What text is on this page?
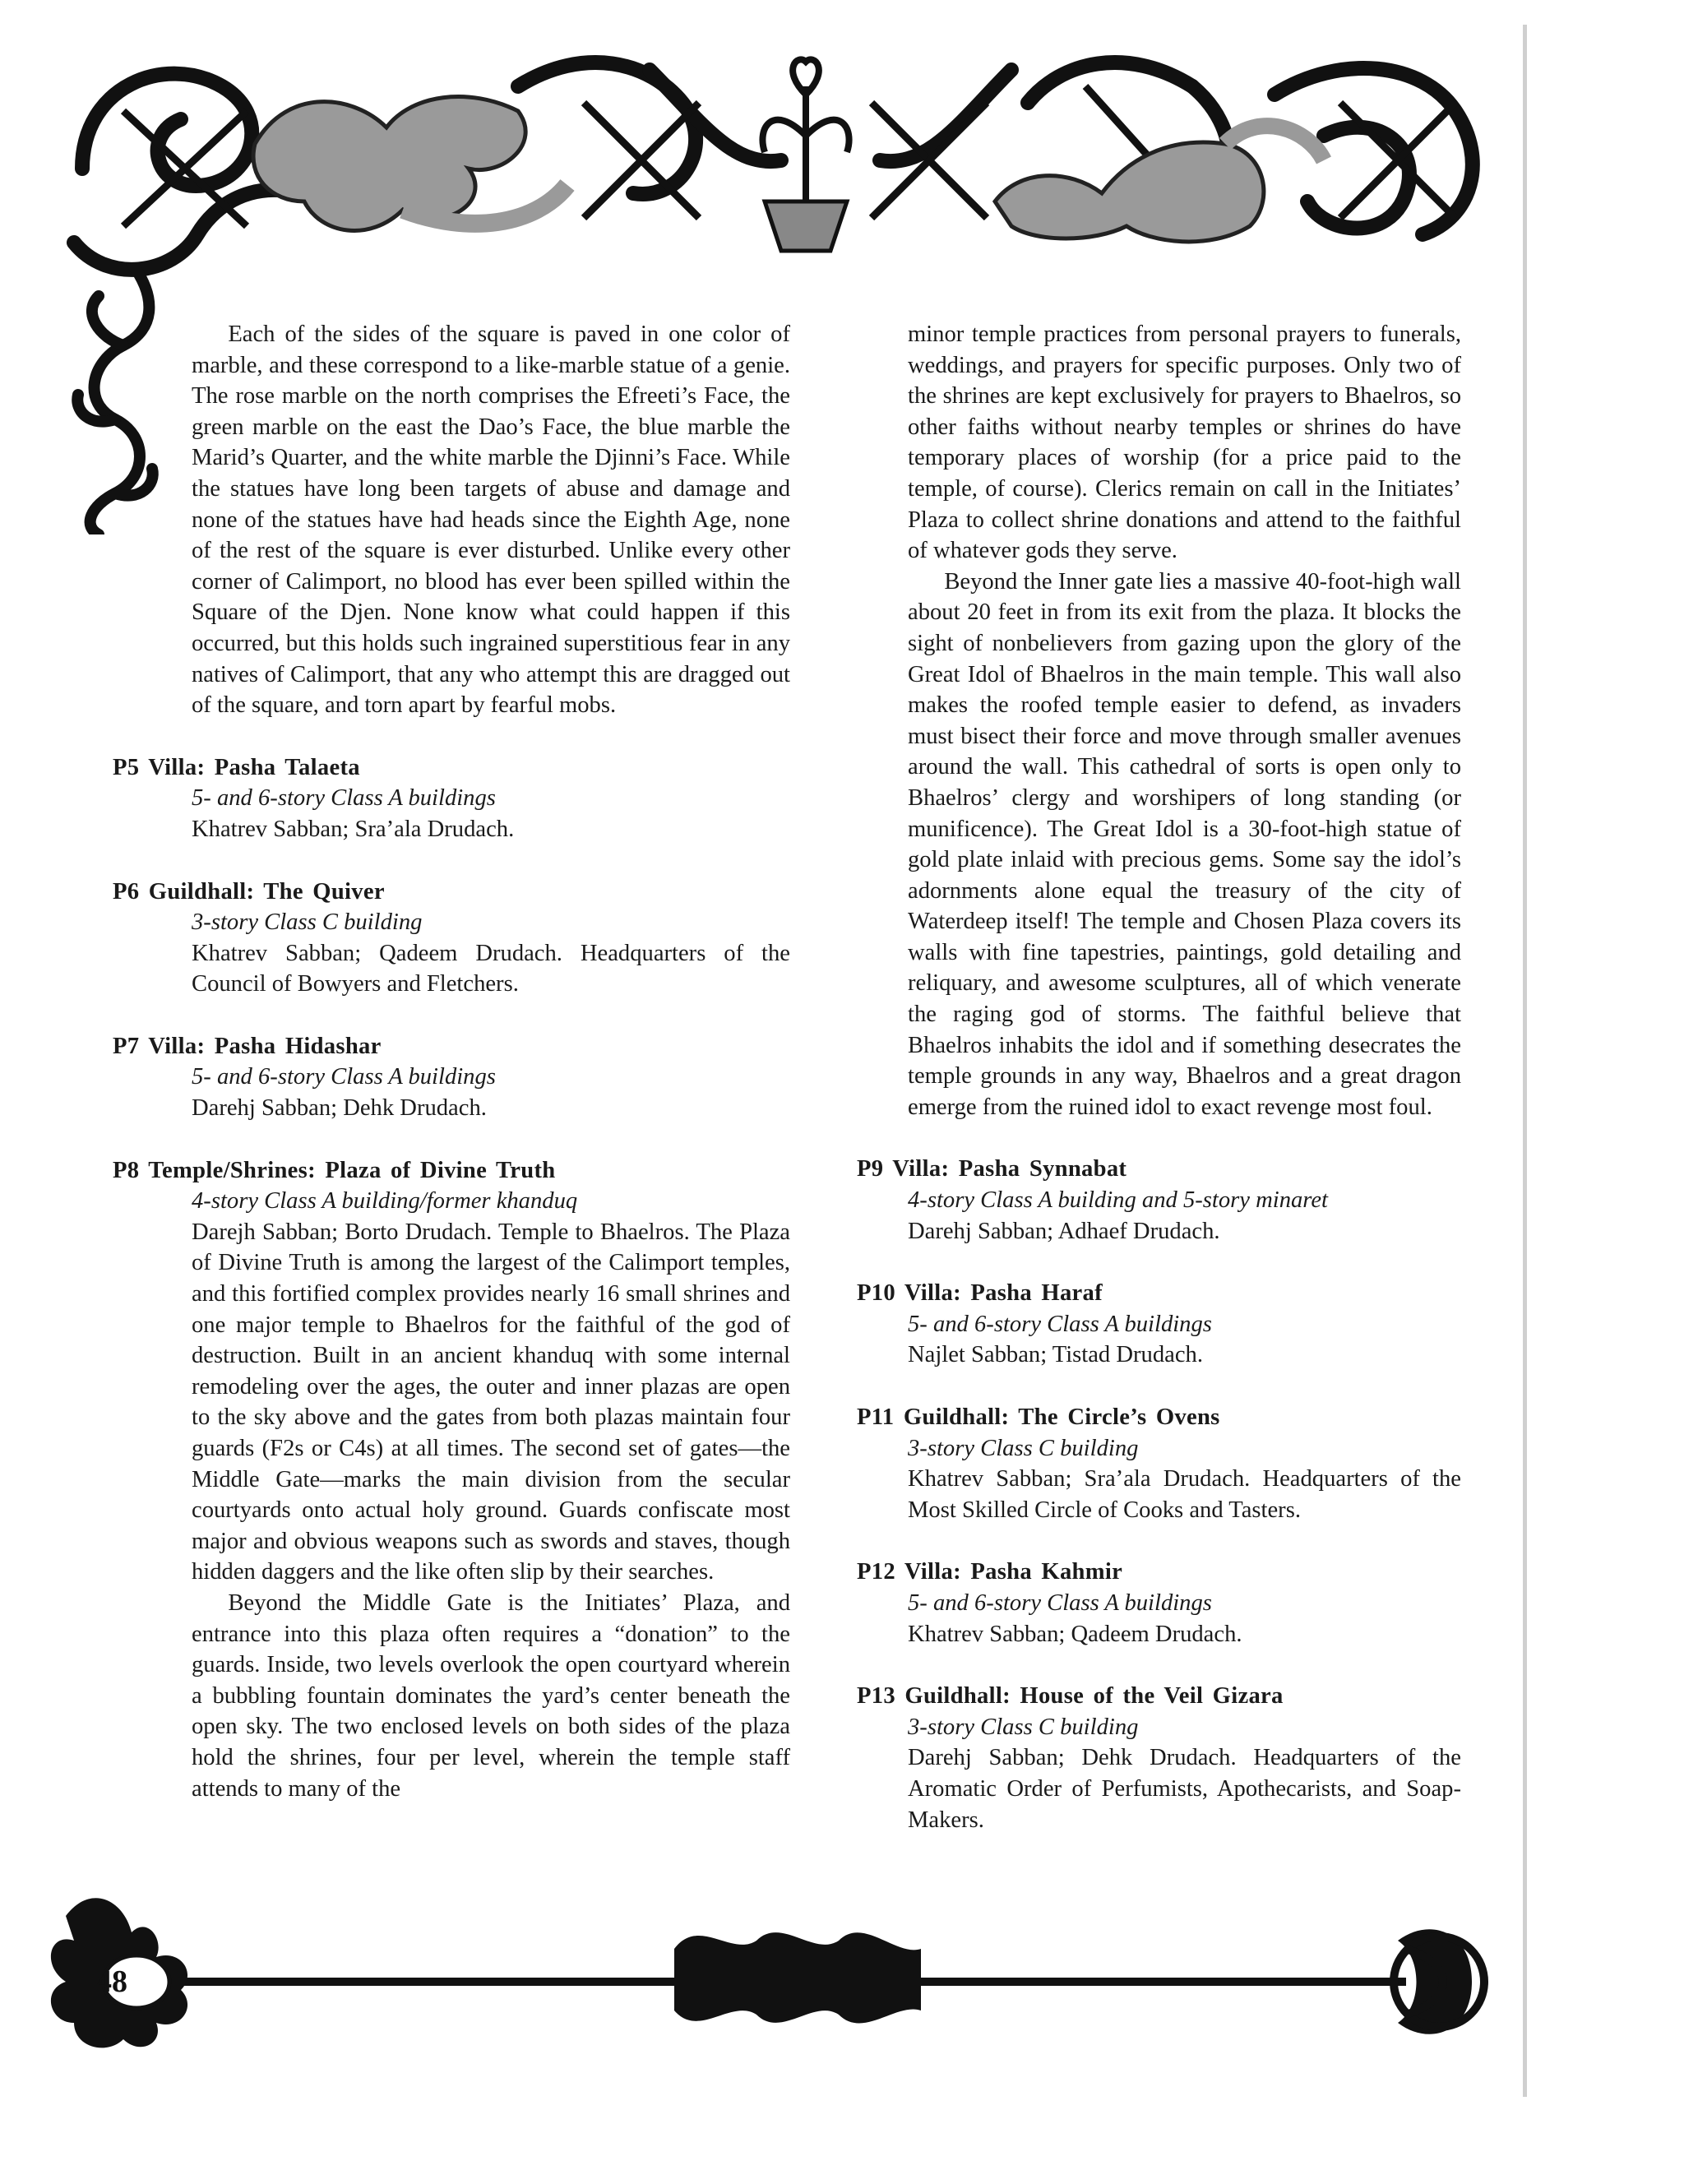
48

Each of the sides of the square is paved in one color of marble, and these correspond to a like-marble statue of a genie. The rose marble on the north comprises the Efreeti’s Face, the green marble on the east the Dao’s Face, the blue marble the Marid’s Quarter, and the white marble the Djinni’s Face. While the statues have long been targets of abuse and damage and none of the statues have had heads since the Eighth Age, none of the rest of the square is ever disturbed. Unlike every other corner of Calimport, no blood has ever been spilled within the Square of the Djen. None know what could happen if this occurred, but this holds such ingrained superstitious fear in any natives of Calimport, that any who attempt this are dragged out of the square, and torn apart by fearful mobs.

P5 Villa: Pasha Talaeta
5- and 6-story Class A buildings

Khatrev Sabban; Sra’ala Drudach.

P6 Guildhall: The Quiver
3-story Class C building

Khatrev Sabban; Qadeem Drudach. Headquarters of the Council of Bowyers and Fletchers.

P7 Villa: Pasha Hidashar
5- and 6-story Class A buildings

Darehj Sabban; Dehk Drudach.

P8 Temple/Shrines: Plaza of Divine Truth
4-story Class A building/former khanduq

Darejh Sabban; Borto Drudach. Temple to Bhaelros. The Plaza of Divine Truth is among the largest of the Calimport temples, and this fortified complex provides nearly 16 small shrines and one major temple to Bhaelros for the faithful of the god of destruction. Built in an ancient khanduq with some internal remodeling over the ages, the outer and inner plazas are open to the sky above and the gates from both plazas maintain four guards (F2s or C4s) at all times. The second set of gates—the Middle Gate—marks the main division from the secular courtyards onto actual holy ground. Guards confiscate most major and obvious weapons such as swords and staves, though hidden daggers and the like often slip by their searches.

Beyond the Middle Gate is the Initiates’ Plaza, and entrance into this plaza often requires a “donation” to the guards. Inside, two levels overlook the open courtyard wherein a bubbling fountain dominates the yard’s center beneath the open sky. The two enclosed levels on both sides of the plaza hold the shrines, four per level, wherein the temple staff attends to many of the

minor temple practices from personal prayers to funerals, weddings, and prayers for specific purposes. Only two of the shrines are kept exclusively for prayers to Bhaelros, so other faiths without nearby temples or shrines do have temporary places of worship (for a price paid to the temple, of course). Clerics remain on call in the Initiates’ Plaza to collect shrine donations and attend to the faithful of whatever gods they serve.

Beyond the Inner gate lies a massive 40-foot-high wall about 20 feet in from its exit from the plaza. It blocks the sight of nonbelievers from gazing upon the glory of the Great Idol of Bhaelros in the main temple. This wall also makes the roofed temple easier to defend, as invaders must bisect their force and move through smaller avenues around the wall. This cathedral of sorts is open only to Bhaelros’ clergy and worshipers of long standing (or munificence). The Great Idol is a 30-foot-high statue of gold plate inlaid with precious gems. Some say the idol’s adornments alone equal the treasury of the city of Waterdeep itself! The temple and Chosen Plaza covers its walls with fine tapestries, paintings, gold detailing and reliquary, and awesome sculptures, all of which venerate the raging god of storms. The faithful believe that Bhaelros inhabits the idol and if something desecrates the temple grounds in any way, Bhaelros and a great dragon emerge from the ruined idol to exact revenge most foul.

P9 Villa: Pasha Synnabat
4-story Class A building and 5-story minaret

Darehj Sabban; Adhaef Drudach.

P10 Villa: Pasha Haraf
5- and 6-story Class A buildings

Najlet Sabban; Tistad Drudach.

P11 Guildhall: The Circle’s Ovens
3-story Class C building

Khatrev Sabban; Sra’ala Drudach. Headquarters of the Most Skilled Circle of Cooks and Tasters.

P12 Villa: Pasha Kahmir
5- and 6-story Class A buildings

Khatrev Sabban; Qadeem Drudach.

P13 Guildhall: House of the Veil Gizara
3-story Class C building

Darehj Sabban; Dehk Drudach. Headquarters of the Aromatic Order of Perfumists, Apothecarists, and Soap-Makers.
